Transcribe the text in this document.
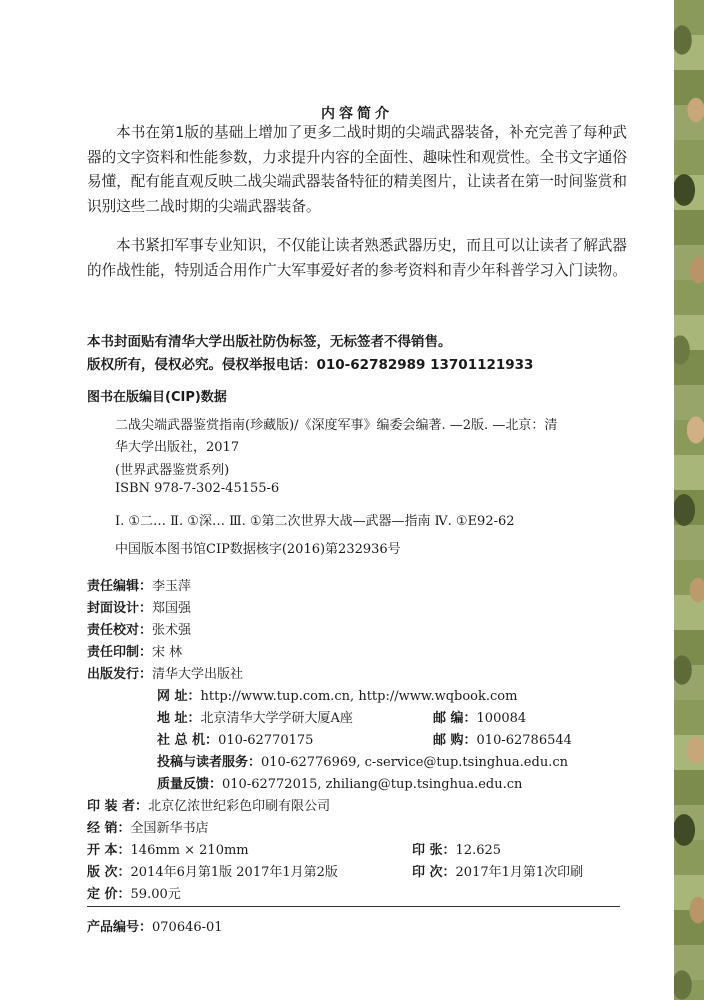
内容简介

本书在第1版的基础上增加了更多二战时期的尖端武器装备，补充完善了每种武器的文字资料和性能参数，力求提升内容的全面性、趣味性和观赏性。全书文字通俗易懂，配有能直观反映二战尖端武器装备特征的精美图片，让读者在第一时间鉴赏和识别这些二战时期的尖端武器装备。

本书紧扣军事专业知识，不仅能让读者熟悉武器历史，而且可以让读者了解武器的作战性能，特别适合用作广大军事爱好者的参考资料和青少年科普学习入门读物。

本书封面贴有清华大学出版社防伪标签，无标签者不得销售。
版权所有，侵权必究。侵权举报电话：010-62782989 13701121933
图书在版编目(CIP)数据
二战尖端武器鉴赏指南(珍藏版)/《深度军事》编委会编著. —2版. —北京：清
华大学出版社，2017
(世界武器鉴赏系列)
ISBN 978-7-302-45155-6
Ⅰ. ①二… Ⅱ. ①深… Ⅲ. ①第二次世界大战—武器—指南 Ⅳ. ①E92-62
中国版本图书馆CIP数据核字(2016)第232936号
责任编辑：李玉萍
封面设计：郑国强
责任校对：张术强
责任印制：宋 林
出版发行：清华大学出版社
网 址：http://www.tup.com.cn, http://www.wqbook.com
地 址：北京清华大学学研大厦A座	邮 编：100084
社 总 机：010-62770175	邮 购：010-62786544
投稿与读者服务：010-62776969, c-service@tup.tsinghua.edu.cn
质量反馈：010-62772015, zhiliang@tup.tsinghua.edu.cn
印 装 者：北京亿浓世纪彩色印刷有限公司
经 销：全国新华书店
开 本：146mm × 210mm	印 张：12.625
版 次：2014年6月第1版 2017年1月第2版	印 次：2017年1月第1次印刷
定 价：59.00元
产品编号：070646-01
